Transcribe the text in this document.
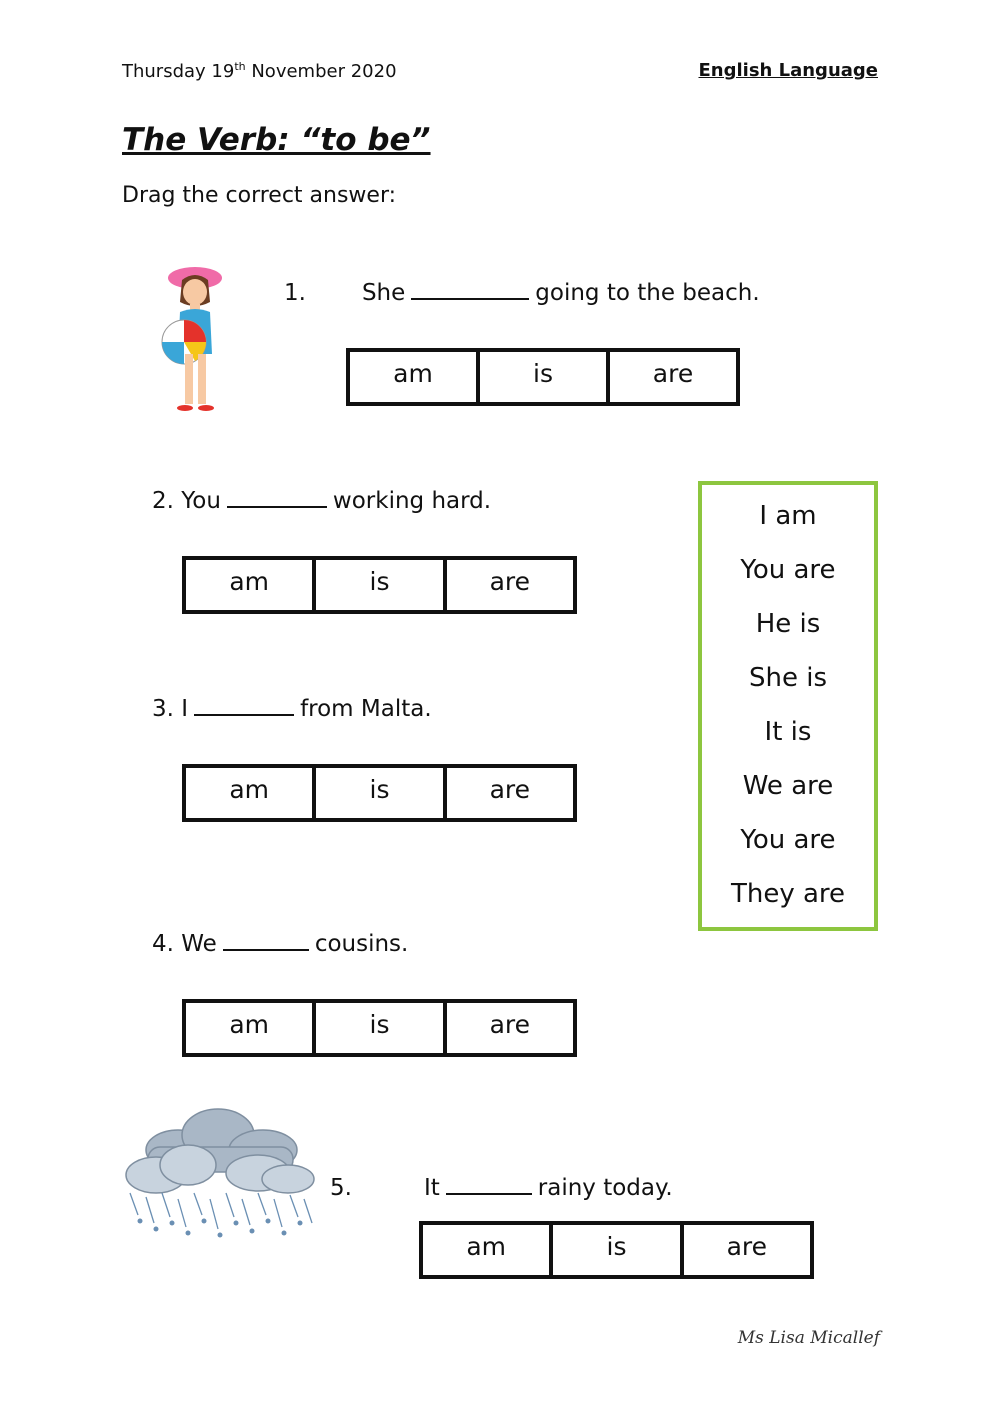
Thursday 19th November 2020	English Language
The Verb: “to be”
Drag the correct answer:
1. She	going to the beach.
am	is	are
2. You	working hard.
am	is	are
3. I	from Malta.
am	is	are
4. We	cousins.
am	is	are
5.	It	rainy today.
am	is	are
I am
You are
He is
She is
It is
We are
You are
They are
Ms Lisa Micallef
